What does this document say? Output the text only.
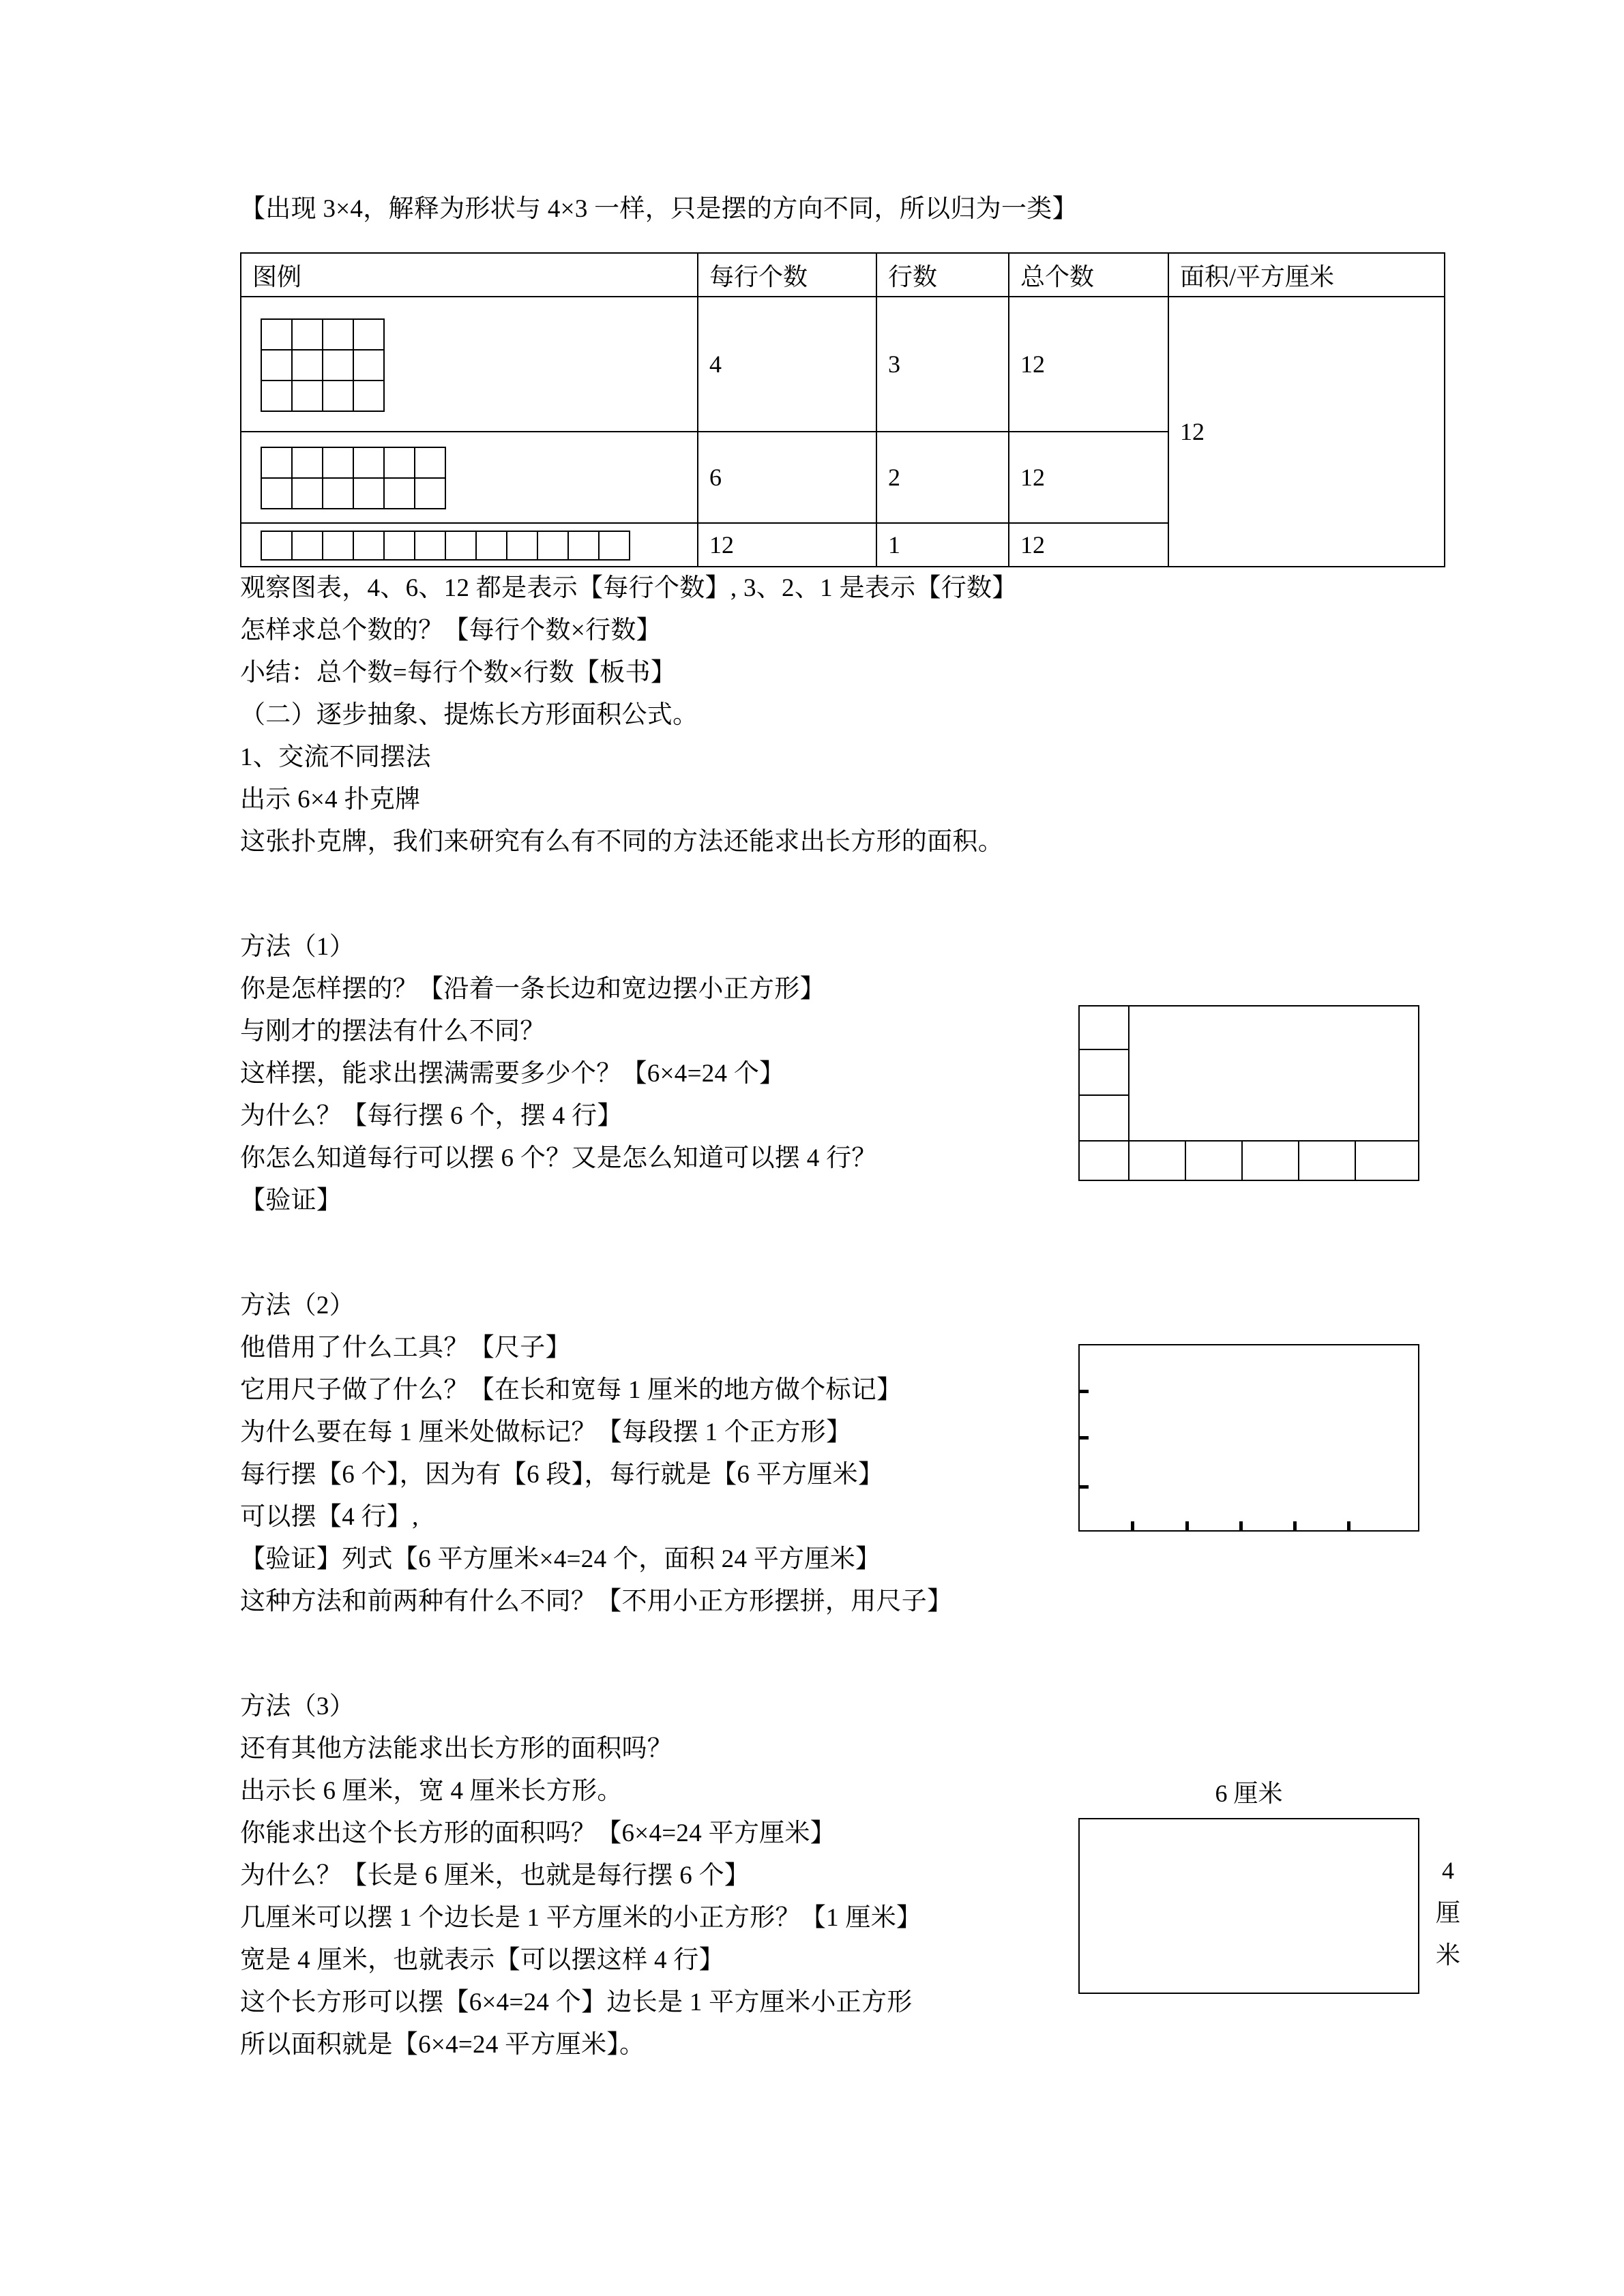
【出现 3×4，解释为形状与 4×3 一样，只是摆的方向不同，所以归为一类】
图例	每行个数	行数	总个数	面积/平方厘米

	4	3	12	12

	6	2	12	

	12	1	12	
观察图表，4、6、12 都是表示【每行个数】, 3、2、1 是表示【行数】
怎样求总个数的？【每行个数×行数】
小结：总个数=每行个数×行数【板书】
（二）逐步抽象、提炼长方形面积公式。
1、交流不同摆法
出示 6×4 扑克牌
这张扑克牌，我们来研究有么有不同的方法还能求出长方形的面积。
方法（1）
你是怎样摆的？【沿着一条长边和宽边摆小正方形】
与刚才的摆法有什么不同？
这样摆，能求出摆满需要多少个？【6×4=24 个】
为什么？【每行摆 6 个，摆 4 行】
你怎么知道每行可以摆 6 个？又是怎么知道可以摆 4 行？
【验证】
方法（2）
他借用了什么工具？【尺子】
它用尺子做了什么？【在长和宽每 1 厘米的地方做个标记】
为什么要在每 1 厘米处做标记？【每段摆 1 个正方形】
每行摆【6 个】，因为有【6 段】，每行就是【6 平方厘米】
可以摆【4 行】,
【验证】列式【6 平方厘米×4=24 个，面积 24 平方厘米】
这种方法和前两种有什么不同？【不用小正方形摆拼，用尺子】
方法（3）
还有其他方法能求出长方形的面积吗？
出示长 6 厘米，宽 4 厘米长方形。
你能求出这个长方形的面积吗？【6×4=24 平方厘米】
为什么？【长是 6 厘米，也就是每行摆 6 个】
几厘米可以摆 1 个边长是 1 平方厘米的小正方形？【1 厘米】
宽是 4 厘米，也就表示【可以摆这样 4 行】
这个长方形可以摆【6×4=24 个】边长是 1 平方厘米小正方形
所以面积就是【6×4=24 平方厘米】。
6 厘米
4
厘
米
